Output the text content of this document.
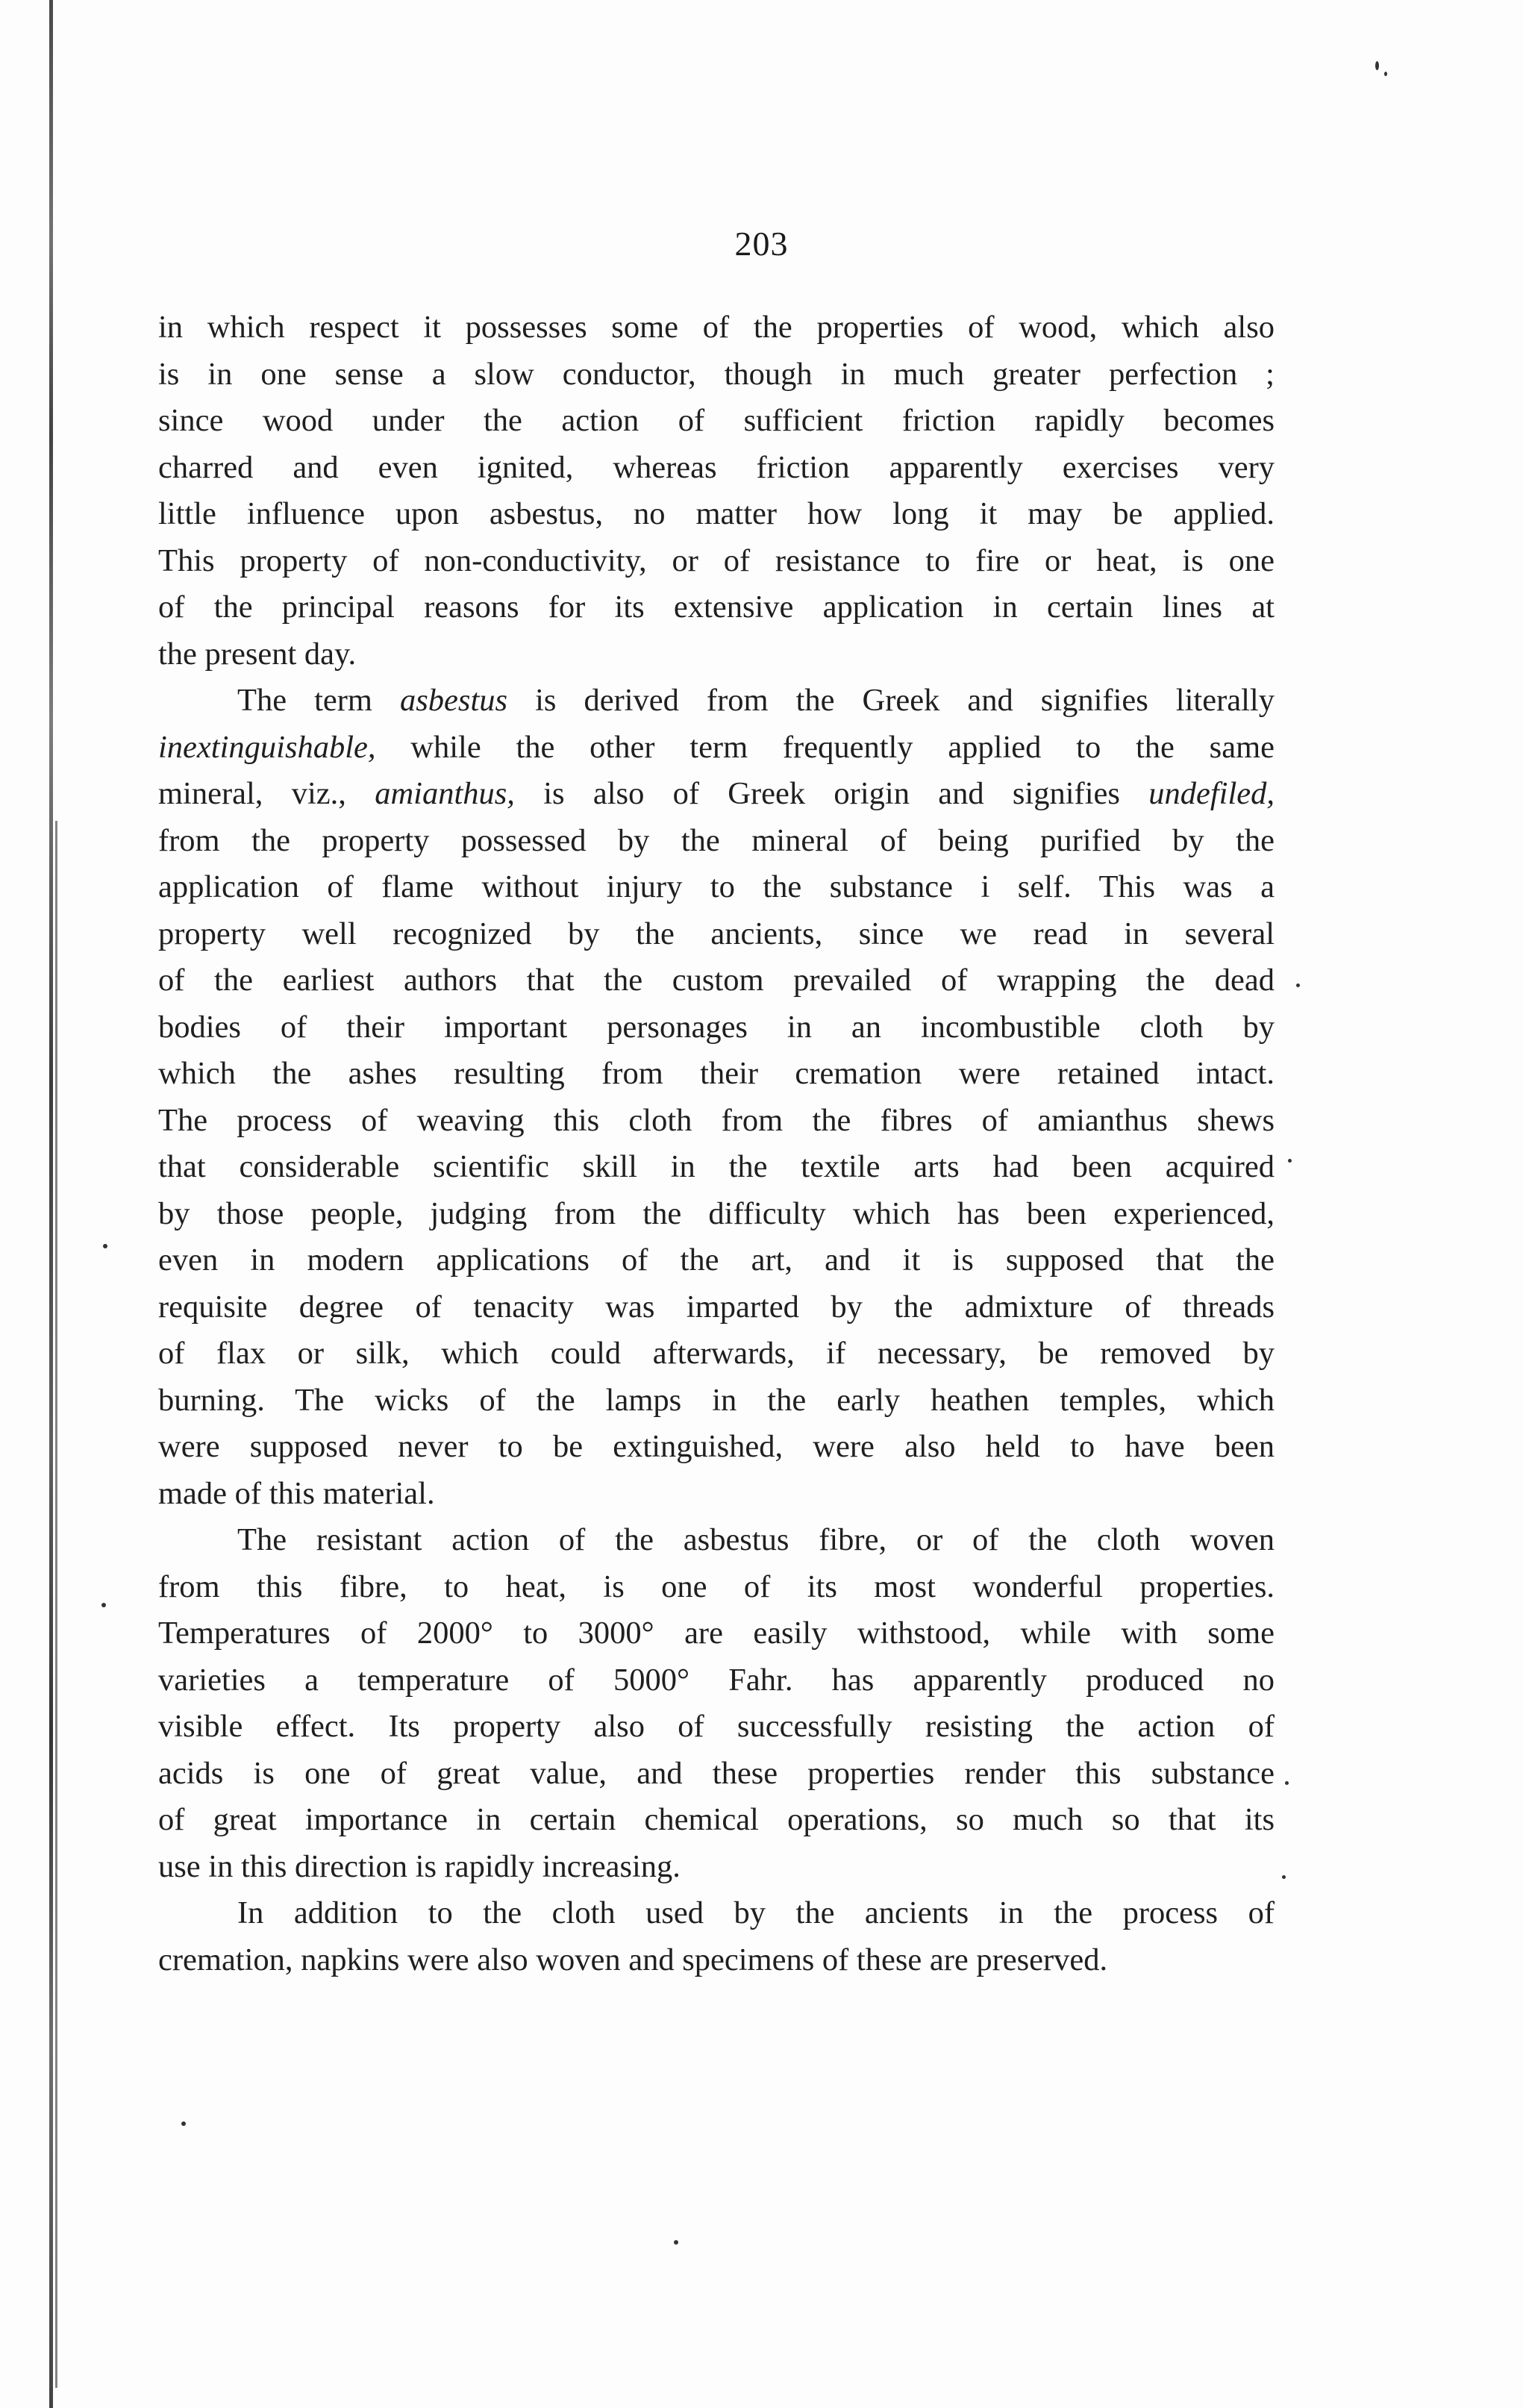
203
in which respect it possesses some of the properties of wood, which also
is in one sense a slow conductor, though in much greater perfection ;
since wood under the action of sufficient friction rapidly becomes
charred and even ignited, whereas friction apparently exercises very
little influence upon asbestus, no matter how long it may be applied.
This property of non-conductivity, or of resistance to fire or heat, is one
of the principal reasons for its extensive application in certain lines at
the present day.
The term asbestus is derived from the Greek and signifies literally
inextinguishable, while the other term frequently applied to the same
mineral, viz., amianthus, is also of Greek origin and signifies undefiled,
from the property possessed by the mineral of being purified by the
application of flame without injury to the substance i self. This was a
property well recognized by the ancients, since we read in several
of the earliest authors that the custom prevailed of wrapping the dead
bodies of their important personages in an incombustible cloth by
which the ashes resulting from their cremation were retained intact.
The process of weaving this cloth from the fibres of amianthus shews
that considerable scientific skill in the textile arts had been acquired
by those people, judging from the difficulty which has been experienced,
even in modern applications of the art, and it is supposed that the
requisite degree of tenacity was imparted by the admixture of threads
of flax or silk, which could afterwards, if necessary, be removed by
burning. The wicks of the lamps in the early heathen temples, which
were supposed never to be extinguished, were also held to have been
made of this material.
The resistant action of the asbestus fibre, or of the cloth woven
from this fibre, to heat, is one of its most wonderful properties.
Temperatures of 2000° to 3000° are easily withstood, while with some
varieties a temperature of 5000° Fahr. has apparently produced no
visible effect. Its property also of successfully resisting the action of
acids is one of great value, and these properties render this substance
of great importance in certain chemical operations, so much so that its
use in this direction is rapidly increasing.
In addition to the cloth used by the ancients in the process of
cremation, napkins were also woven and specimens of these are preserved.
